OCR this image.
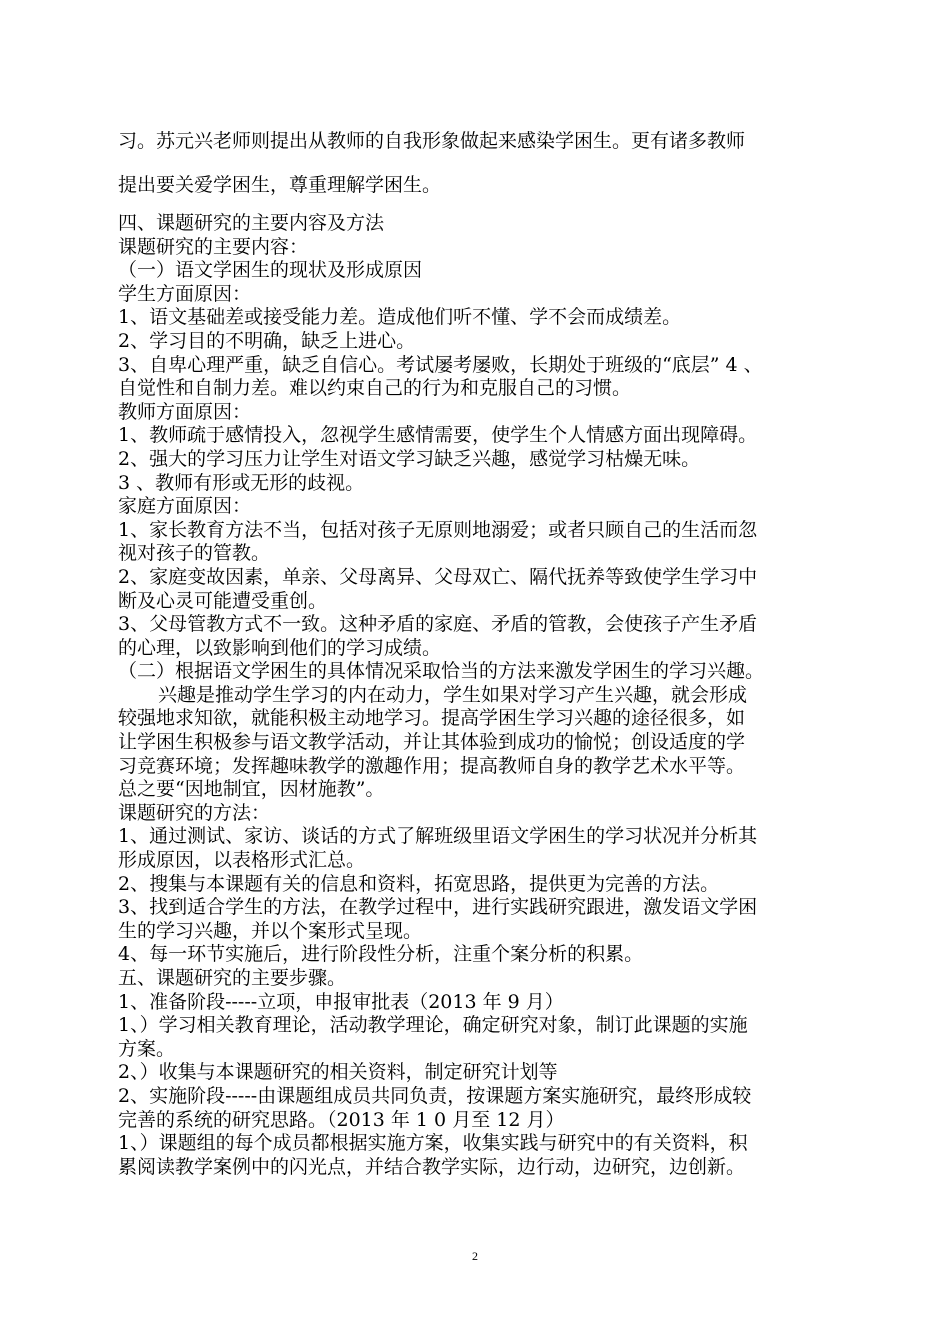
习。苏元兴老师则提出从教师的自我形象做起来感染学困生。更有诸多教师
提出要关爱学困生，尊重理解学困生。
四、课题研究的主要内容及方法
课题研究的主要内容：
（一）语文学困生的现状及形成原因
学生方面原因：
1、语文基础差或接受能力差。造成他们听不懂、学不会而成绩差。
2、学习目的不明确，缺乏上进心。
3、自卑心理严重，缺乏自信心。考试屡考屡败，长期处于班级的“底层” 4 、
自觉性和自制力差。难以约束自己的行为和克服自己的习惯。
教师方面原因：
1、教师疏于感情投入，忽视学生感情需要，使学生个人情感方面出现障碍。
2、强大的学习压力让学生对语文学习缺乏兴趣，感觉学习枯燥无味。
3 、教师有形或无形的歧视。
家庭方面原因：
1、家长教育方法不当，包括对孩子无原则地溺爱；或者只顾自己的生活而忽
视对孩子的管教。
2、家庭变故因素，单亲、父母离异、父母双亡、隔代抚养等致使学生学习中
断及心灵可能遭受重创。
3、父母管教方式不一致。这种矛盾的家庭、矛盾的管教，会使孩子产生矛盾
的心理，以致影响到他们的学习成绩。
（二）根据语文学困生的具体情况采取恰当的方法来激发学困生的学习兴趣。
兴趣是推动学生学习的内在动力，学生如果对学习产生兴趣，就会形成
较强地求知欲，就能积极主动地学习。提高学困生学习兴趣的途径很多，如
让学困生积极参与语文教学活动，并让其体验到成功的愉悦；创设适度的学
习竞赛环境；发挥趣味教学的激趣作用；提高教师自身的教学艺术水平等。
总之要“因地制宜，因材施教”。
课题研究的方法：
1、通过测试、家访、谈话的方式了解班级里语文学困生的学习状况并分析其
形成原因，以表格形式汇总。
2、搜集与本课题有关的信息和资料，拓宽思路，提供更为完善的方法。
3、找到适合学生的方法，在教学过程中，进行实践研究跟进，激发语文学困
生的学习兴趣，并以个案形式呈现。
4、每一环节实施后，进行阶段性分析，注重个案分析的积累。
五、课题研究的主要步骤。
1、准备阶段-----立项，申报审批表（2013 年 9 月）
1、）学习相关教育理论，活动教学理论，确定研究对象，制订此课题的实施
方案。
2、）收集与本课题研究的相关资料，制定研究计划等
2、实施阶段-----由课题组成员共同负责，按课题方案实施研究，最终形成较
完善的系统的研究思路。（2013 年 1 0 月至 12 月）
1、）课题组的每个成员都根据实施方案，收集实践与研究中的有关资料，积
累阅读教学案例中的闪光点，并结合教学实际，边行动，边研究，边创新。
2
